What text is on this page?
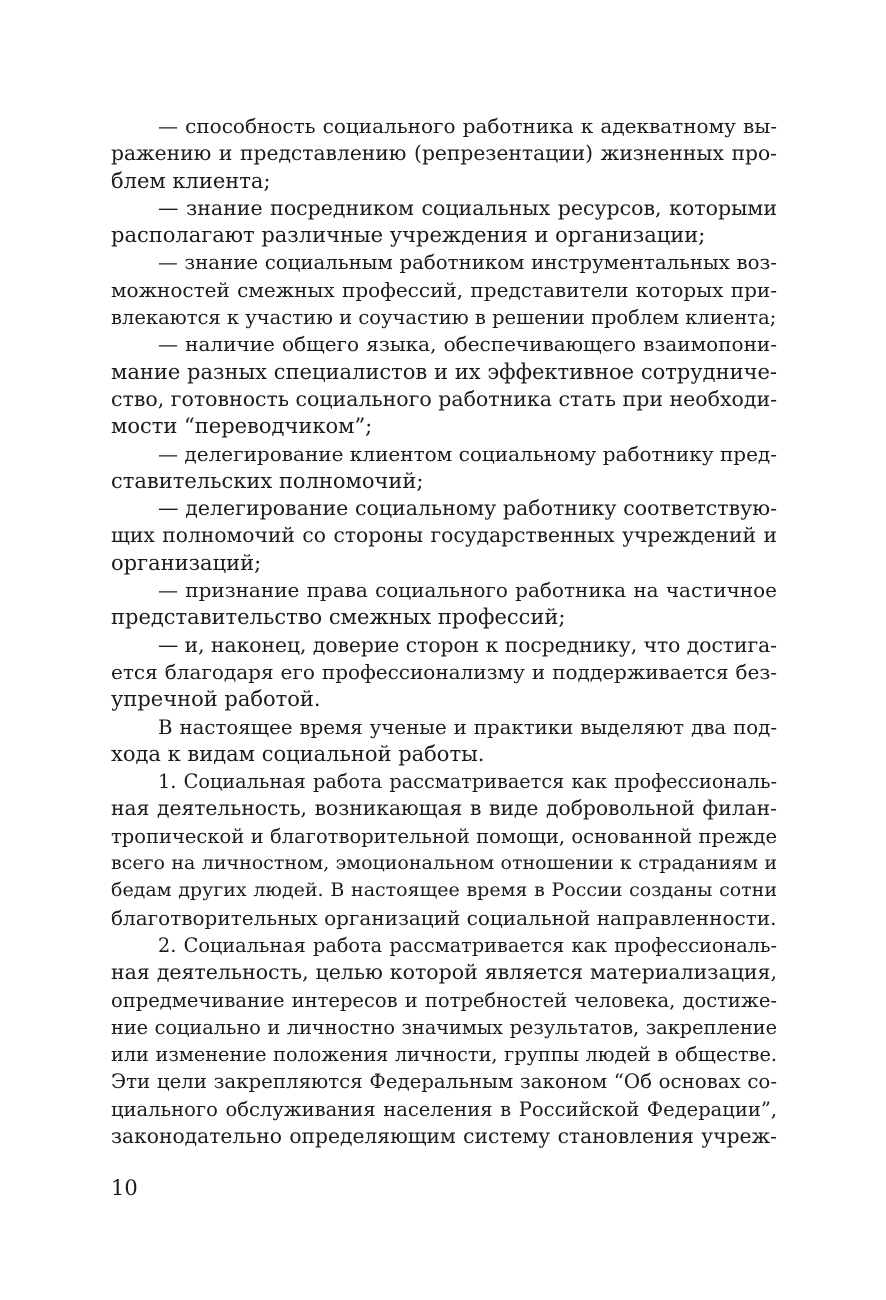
— способность социального работника к адекватному вы-
ражению и представлению (репрезентации) жизненных про-
блем клиента;
— знание посредником социальных ресурсов, которыми
располагают различные учреждения и организации;
— знание социальным работником инструментальных воз-
можностей смежных профессий, представители которых при-
влекаются к участию и соучастию в решении проблем клиента;
— наличие общего языка, обеспечивающего взаимопони-
мание разных специалистов и их эффективное сотрудниче-
ство, готовность социального работника стать при необходи-
мости “переводчиком”;
— делегирование клиентом социальному работнику пред-
ставительских полномочий;
— делегирование социальному работнику соответствую-
щих полномочий со стороны государственных учреждений и
организаций;
— признание права социального работника на частичное
представительство смежных профессий;
— и, наконец, доверие сторон к посреднику, что достига-
ется благодаря его профессионализму и поддерживается без-
упречной работой.
В настоящее время ученые и практики выделяют два под-
хода к видам социальной работы.
1. Социальная работа рассматривается как профессиональ-
ная деятельность, возникающая в виде добровольной филан-
тропической и благотворительной помощи, основанной прежде
всего на личностном, эмоциональном отношении к страданиям и
бедам других людей. В настоящее время в России созданы сотни
благотворительных организаций социальной направленности.
2. Социальная работа рассматривается как профессиональ-
ная деятельность, целью которой является материализация,
опредмечивание интересов и потребностей человека, достиже-
ние социально и личностно значимых результатов, закрепление
или изменение положения личности, группы людей в обществе.
Эти цели закрепляются Федеральным законом “Об основах со-
циального обслуживания населения в Российской Федерации”,
законодательно определяющим систему становления учреж-
10
